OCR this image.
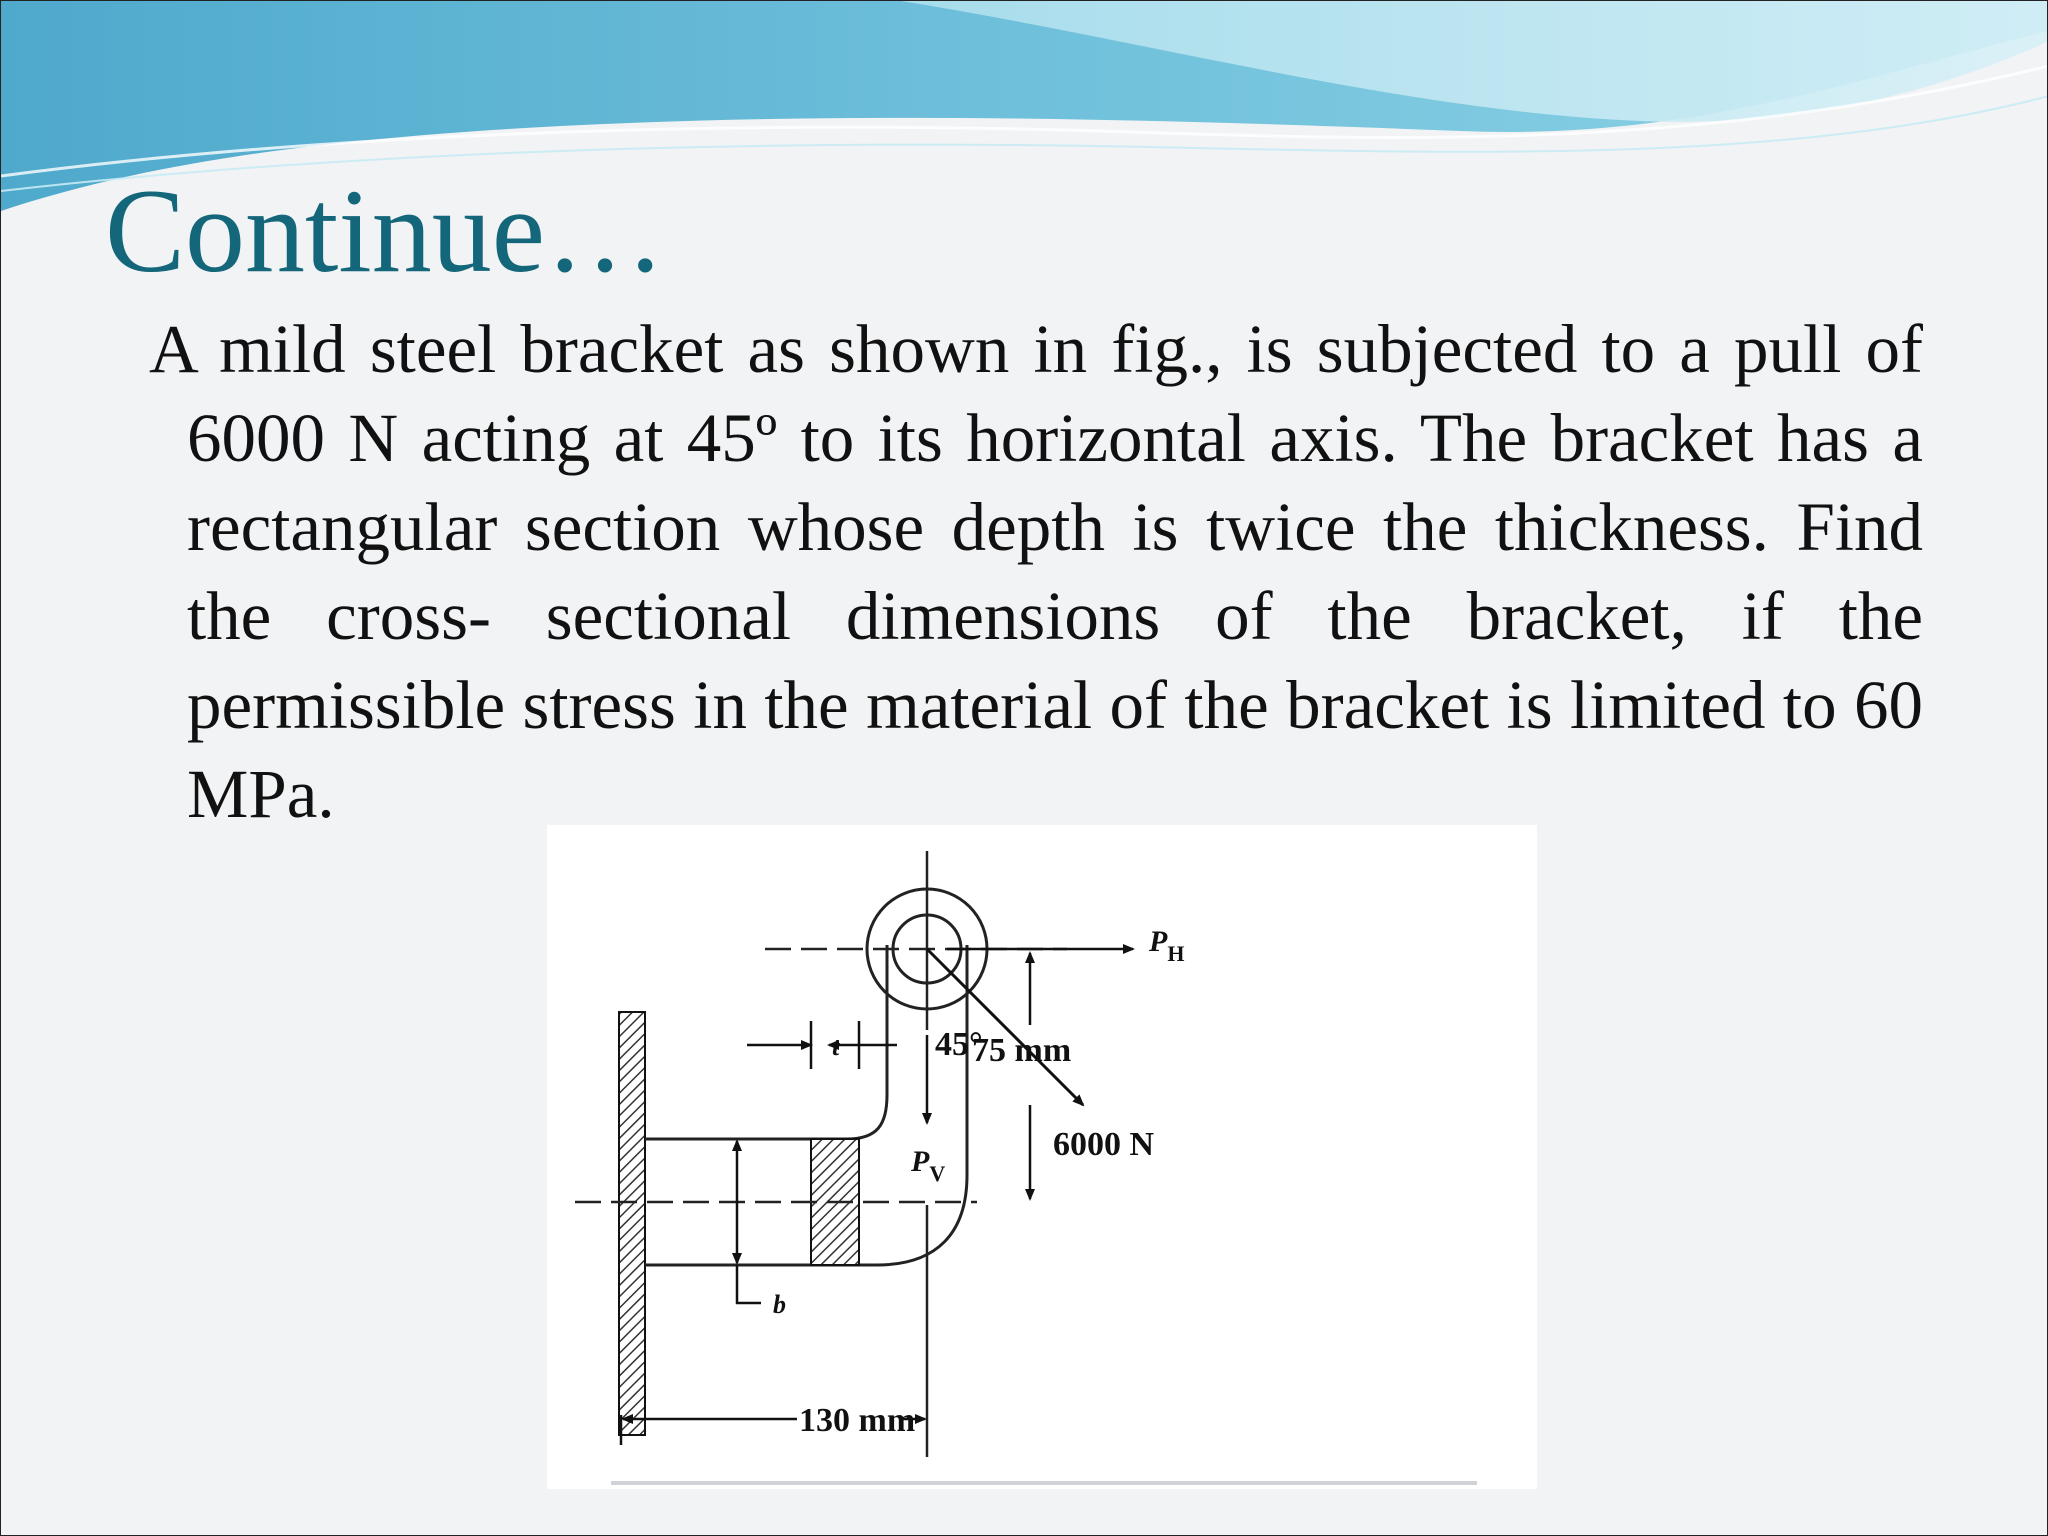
Continue…

A mild steel bracket as shown in fig., is subjected to a pull of 6000 N acting at 45º to its horizontal axis. The bracket has a rectangular section whose depth is twice the thickness. Find the cross- sectional dimensions of the bracket, if the permissible stress in the material of the bracket is limited to 60 MPa.

t
b
75 mm
130 mm
$P_H$
6000 N
45°
$P_V$
